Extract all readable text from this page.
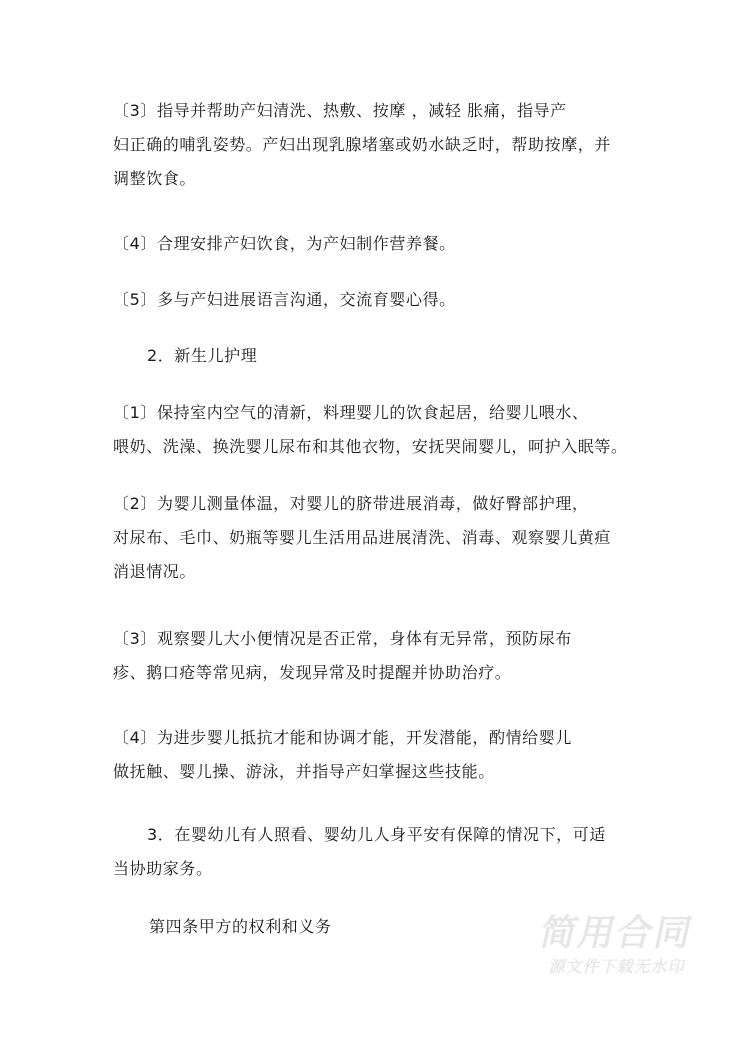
〔3〕指导并帮助产妇清洗、热敷、按摩 ，减轻 胀痛，指导产
妇正确的哺乳姿势。产妇出现乳腺堵塞或奶水缺乏时，帮助按摩，并
调整饮食。

〔4〕合理安排产妇饮食，为产妇制作营养餐。

〔5〕多与产妇进展语言沟通，交流育婴心得。

2．新生儿护理

〔1〕保持室内空气的清新，料理婴儿的饮食起居，给婴儿喂水、
喂奶、洗澡、换洗婴儿尿布和其他衣物，安抚哭闹婴儿，呵护入眠等。

〔2〕为婴儿测量体温，对婴儿的脐带进展消毒，做好臀部护理，
对尿布、毛巾、奶瓶等婴儿生活用品进展清洗、消毒、观察婴儿黄疸
消退情况。

〔3〕观察婴儿大小便情况是否正常，身体有无异常，预防尿布
疹、鹅口疮等常见病，发现异常及时提醒并协助治疗。

〔4〕为进步婴儿抵抗才能和协调才能，开发潜能，酌情给婴儿
做抚触、婴儿操、游泳，并指导产妇掌握这些技能。

3．在婴幼儿有人照看、婴幼儿人身平安有保障的情况下，可适
当协助家务。

第四条甲方的权利和义务	简用合同
源文件下载无水印
